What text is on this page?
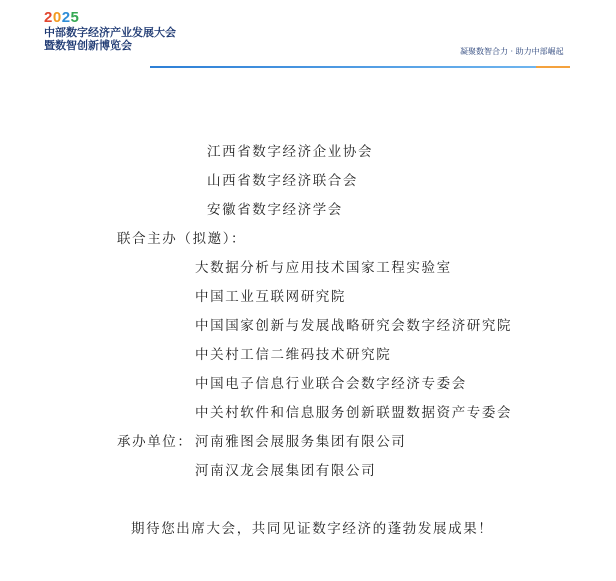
2025
中部数字经济产业发展大会
暨数智创新博览会	凝聚数智合力 · 助力中部崛起
江西省数字经济企业协会
山西省数字经济联合会
安徽省数字经济学会
联合主办（拟邀）：
大数据分析与应用技术国家工程实验室
中国工业互联网研究院
中国国家创新与发展战略研究会数字经济研究院
中关村工信二维码技术研究院
中国电子信息行业联合会数字经济专委会
中关村软件和信息服务创新联盟数据资产专委会
承办单位： 河南雅图会展服务集团有限公司
河南汉龙会展集团有限公司
期待您出席大会，共同见证数字经济的蓬勃发展成果！
